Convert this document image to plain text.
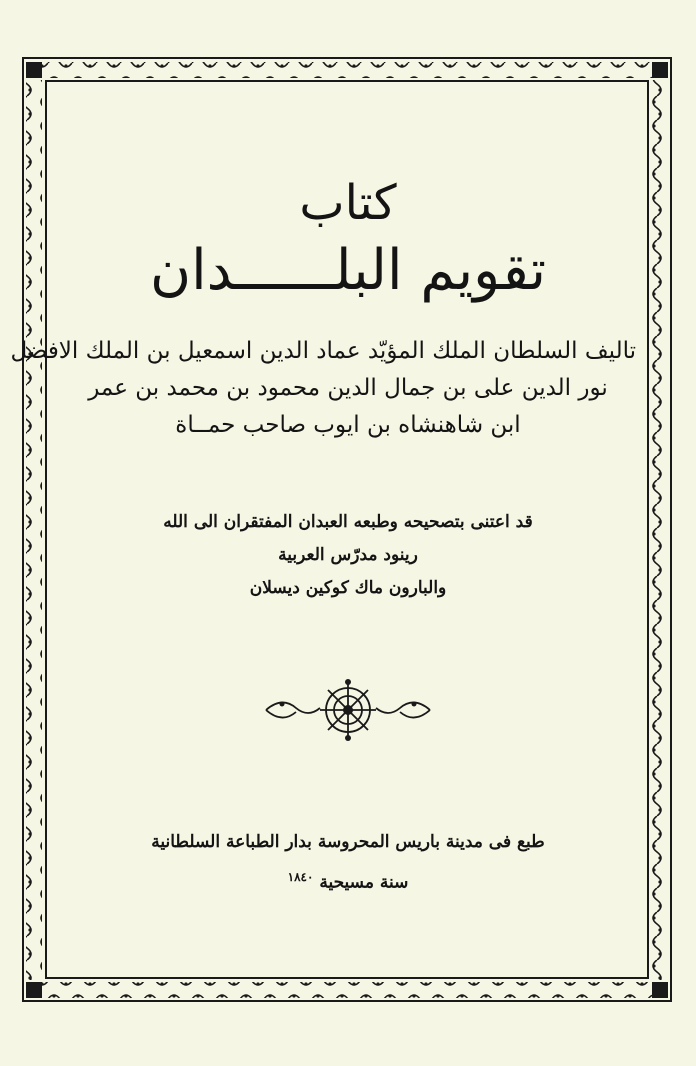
كتاب
تقويم البلــــــدان
تاليف السلطان الملك المؤيّد عماد الدين اسمعيل بن الملك الافضل
نور الدين على بن جمال الدين محمود بن محمد بن عمر
ابن شاهنشاه بن ايوب صاحب حمــاة
قد اعتنى بتصحيحه وطبعه العبدان المفتقران الى الله
رينود مدرّس العربية
والبارون ماك كوكين ديسلان
طبع فى مدينة باريس المحروسة بدار الطباعة السلطانية
سنة مسيحية $^{١٨٤٠}$
